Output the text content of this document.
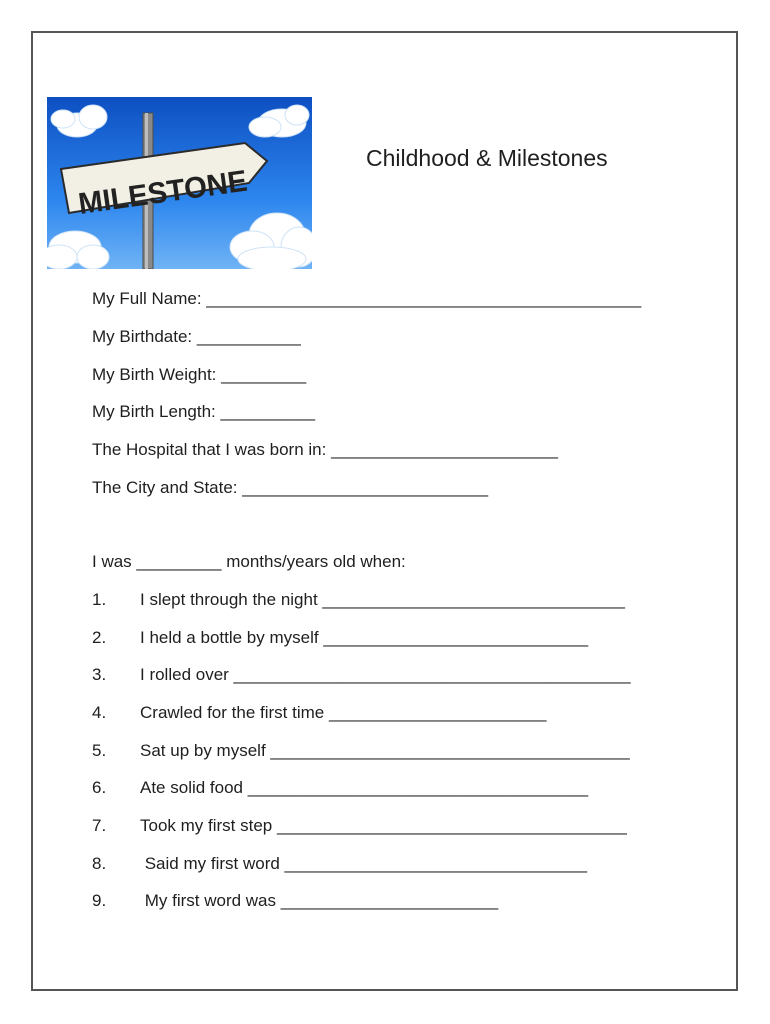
MILESTONE
Childhood & Milestones
My Full Name: ______________________________________________
My Birthdate: ___________
My Birth Weight: _________
My Birth Length: __________
The Hospital that I was born in: ________________________
The City and State: __________________________
I was _________ months/years old when:
1. I slept through the night ________________________________
2. I held a bottle by myself ____________________________
3. I rolled over __________________________________________
4. Crawled for the first time _______________________
5. Sat up by myself ______________________________________
6. Ate solid food ____________________________________
7. Took my first step _____________________________________
8. Said my first word ________________________________
9. My first word was _______________________
